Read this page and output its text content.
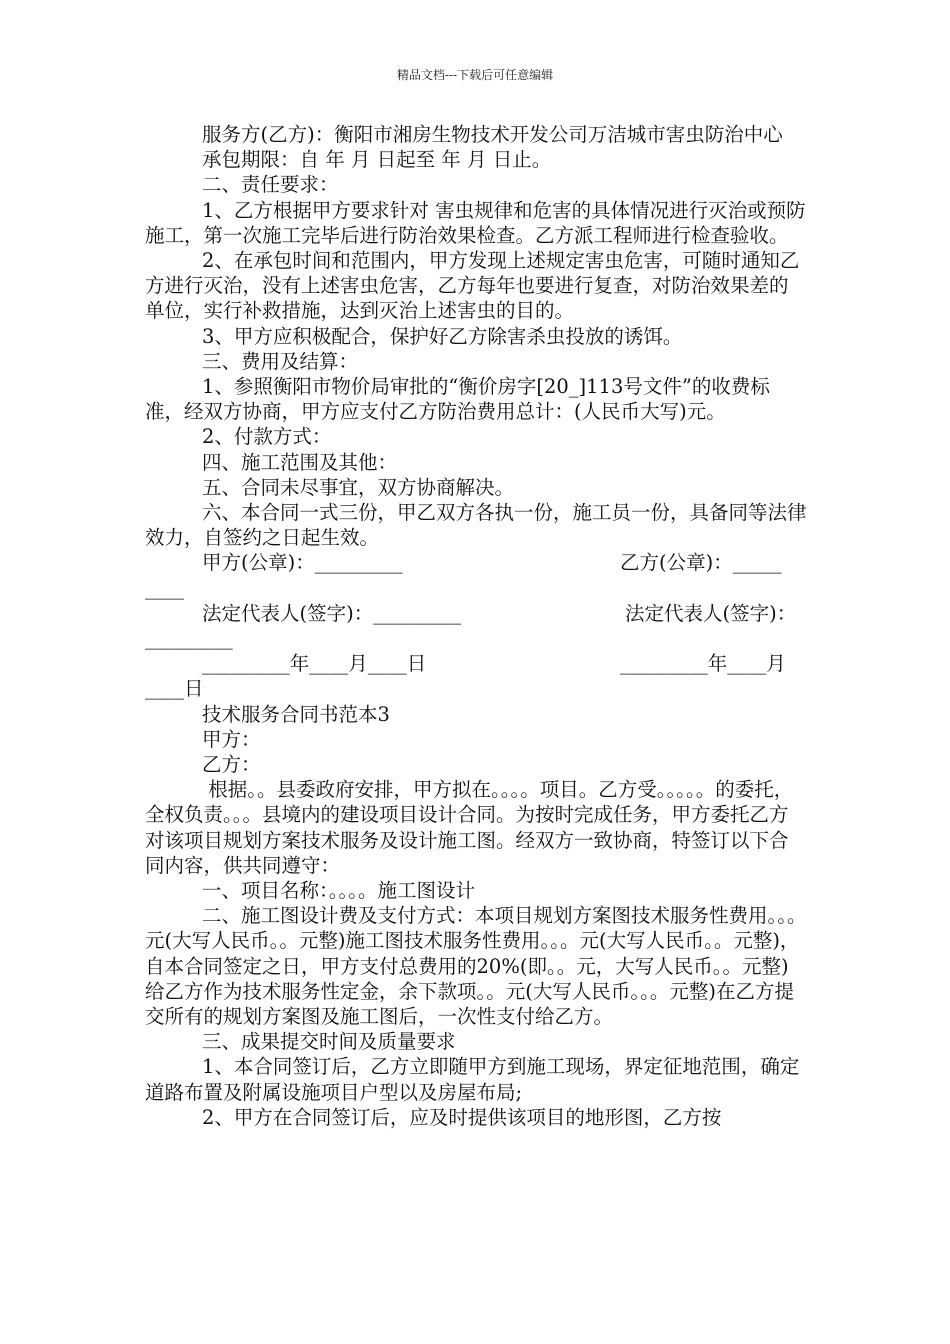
精品文档---下载后可任意编辑

服务方(乙方)：衡阳市湘房生物技术开发公司万洁城市害虫防治中心

承包期限：自 年 月 日起至 年 月 日止。

二、责任要求：

1、乙方根据甲方要求针对 害虫规律和危害的具体情况进行灭治或预防施工，第一次施工完毕后进行防治效果检查。乙方派工程师进行检查验收。

2、在承包时间和范围内，甲方发现上述规定害虫危害，可随时通知乙方进行灭治，没有上述害虫危害，乙方每年也要进行复查，对防治效果差的单位，实行补救措施，达到灭治上述害虫的目的。

3、甲方应积极配合，保护好乙方除害杀虫投放的诱饵。

三、费用及结算：

1、参照衡阳市物价局审批的“衡价房字[20_]113号文件”的收费标准，经双方协商，甲方应支付乙方防治费用总计：(人民币大写)元。

2、付款方式：

四、施工范围及其他：

五、合同未尽事宜，双方协商解决。

六、本合同一式三份，甲乙双方各执一份，施工员一份，具备同等法律效力，自签约之日起生效。

甲方(公章)：_________

	乙方(公章)：_____

____

法定代表人(签字)：_________

	法定代表人(签字)：

_________

_________年____月____日

	_________年____月

____日

技术服务合同书范本3

甲方：

乙方：

根据。。县委政府安排，甲方拟在。。。。项目。乙方受。。。。。的委托，全权负责。。。县境内的建设项目设计合同。为按时完成任务，甲方委托乙方对该项目规划方案技术服务及设计施工图。经双方一致协商，特签订以下合同内容，供共同遵守：

一、项目名称：。。。。施工图设计

二、施工图设计费及支付方式：本项目规划方案图技术服务性费用。。。元(大写人民币。。元整)施工图技术服务性费用。。。元(大写人民币。。元整)，自本合同签定之日，甲方支付总费用的20%(即。。元，大写人民币。。元整)给乙方作为技术服务性定金，余下款项。。元(大写人民币。。。元整)在乙方提交所有的规划方案图及施工图后，一次性支付给乙方。

三、成果提交时间及质量要求

1、本合同签订后，乙方立即随甲方到施工现场，界定征地范围，确定道路布置及附属设施项目户型以及房屋布局;

2、甲方在合同签订后，应及时提供该项目的地形图，乙方按
